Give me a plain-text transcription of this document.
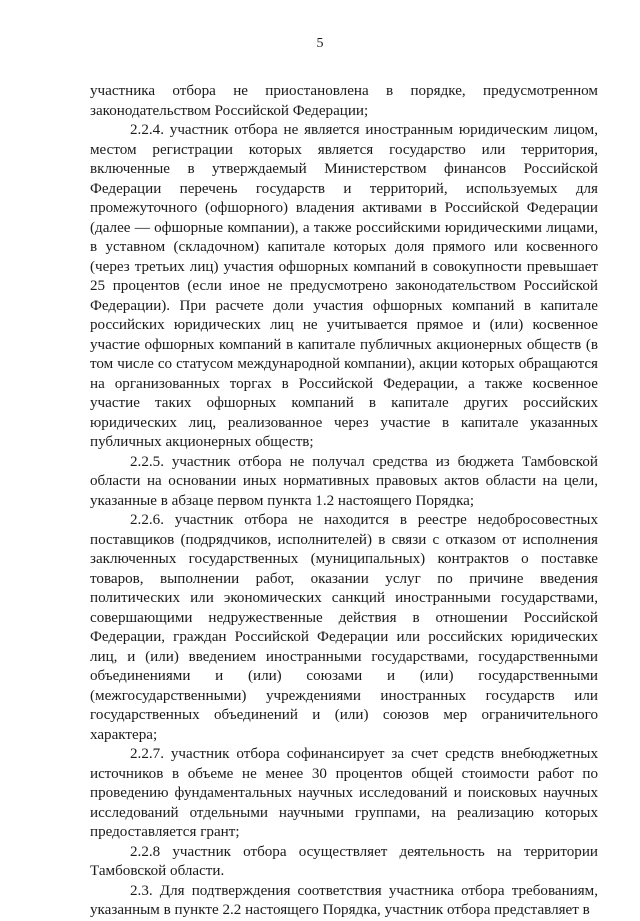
5

участника отбора не приостановлена в порядке, предусмотренном законодательством Российской Федерации;

2.2.4. участник отбора не является иностранным юридическим лицом, местом регистрации которых является государство или территория, включенные в утверждаемый Министерством финансов Российской Федерации перечень государств и территорий, используемых для промежуточного (офшорного) владения активами в Российской Федерации (далее — офшорные компании), а также российскими юридическими лицами, в уставном (складочном) капитале которых доля прямого или косвенного (через третьих лиц) участия офшорных компаний в совокупности превышает 25 процентов (если иное не предусмотрено законодательством Российской Федерации). При расчете доли участия офшорных компаний в капитале российских юридических лиц не учитывается прямое и (или) косвенное участие офшорных компаний в капитале публичных акционерных обществ (в том числе со статусом международной компании), акции которых обращаются на организованных торгах в Российской Федерации, а также косвенное участие таких офшорных компаний в капитале других российских юридических лиц, реализованное через участие в капитале указанных публичных акционерных обществ;

2.2.5. участник отбора не получал средства из бюджета Тамбовской области на основании иных нормативных правовых актов области на цели, указанные в абзаце первом пункта 1.2 настоящего Порядка;

2.2.6. участник отбора не находится в реестре недобросовестных поставщиков (подрядчиков, исполнителей) в связи с отказом от исполнения заключенных государственных (муниципальных) контрактов о поставке товаров, выполнении работ, оказании услуг по причине введения политических или экономических санкций иностранными государствами, совершающими недружественные действия в отношении Российской Федерации, граждан Российской Федерации или российских юридических лиц, и (или) введением иностранными государствами, государственными объединениями и (или) союзами и (или) государственными (межгосударственными) учреждениями иностранных государств или государственных объединений и (или) союзов мер ограничительного характера;

2.2.7. участник отбора софинансирует за счет средств внебюджетных источников в объеме не менее 30 процентов общей стоимости работ по проведению фундаментальных научных исследований и поисковых научных исследований отдельными научными группами, на реализацию которых предоставляется грант;

2.2.8 участник отбора осуществляет деятельность на территории Тамбовской области.

2.3. Для подтверждения соответствия участника отбора требованиям, указанным в пункте 2.2 настоящего Порядка, участник отбора представляет в
